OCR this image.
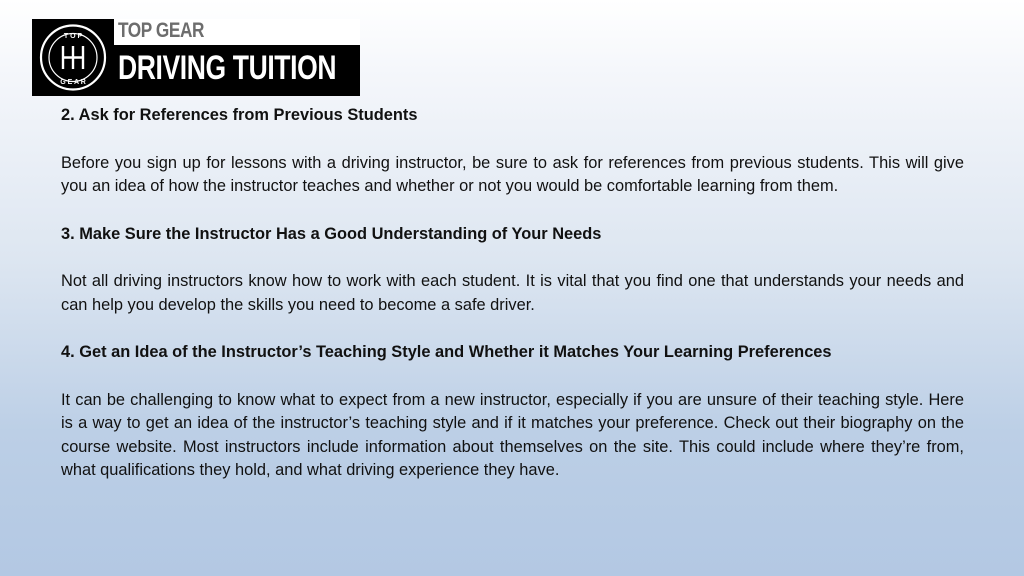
T O P
G E A R
TOP GEAR
DRIVING TUITION

2. Ask for References from Previous Students

Before you sign up for lessons with a driving instructor, be sure to ask for references from previous students. This will give you an idea of how the instructor teaches and whether or not you would be comfortable learning from them.

3. Make Sure the Instructor Has a Good Understanding of Your Needs

Not all driving instructors know how to work with each student. It is vital that you find one that understands your needs and can help you develop the skills you need to become a safe driver.

4. Get an Idea of the Instructor’s Teaching Style and Whether it Matches Your Learning Preferences

It can be challenging to know what to expect from a new instructor, especially if you are unsure of their teaching style. Here is a way to get an idea of the instructor’s teaching style and if it matches your preference. Check out their biography on the course website. Most instructors include information about themselves on the site. This could include where they’re from, what qualifications they hold, and what driving experience they have.
